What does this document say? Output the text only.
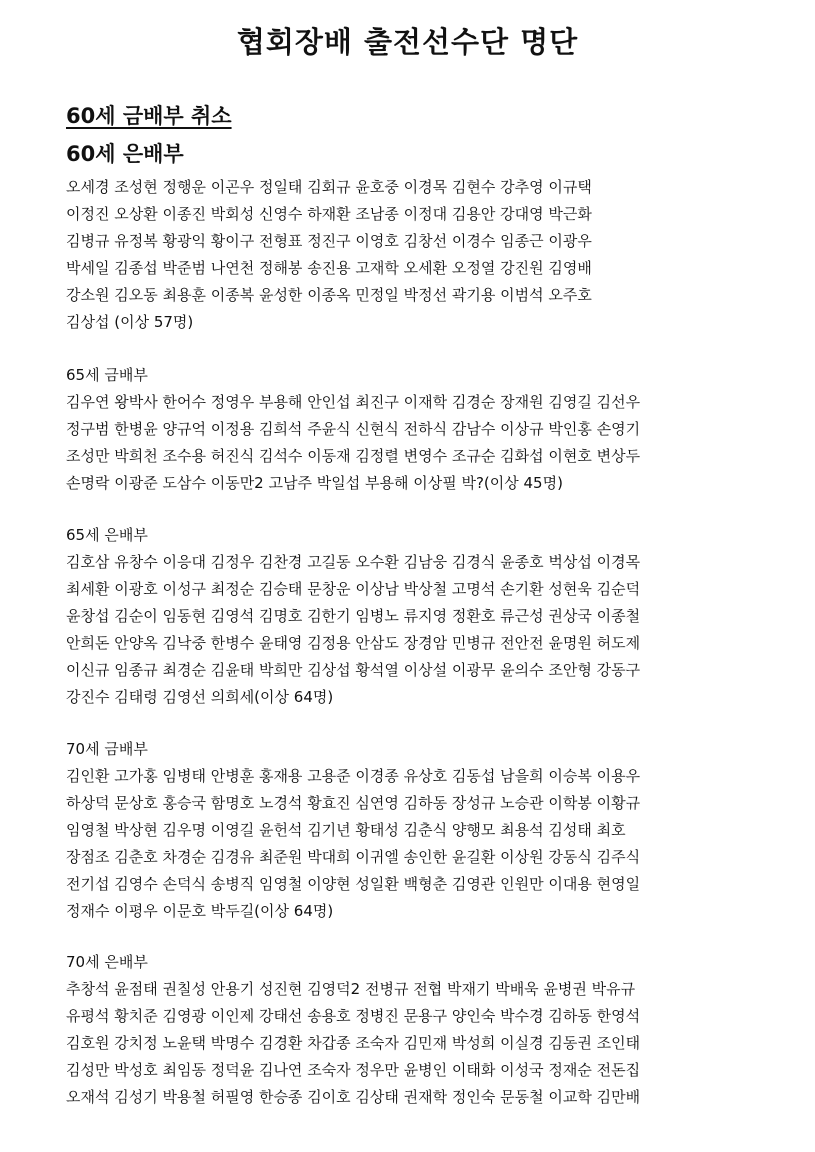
협회장배 출전선수단 명단
60세 금배부 취소
60세 은배부
오세경 조성현 정행운 이곤우 정일태 김회규 윤호중 이경목 김현수 강추영 이규택
이정진 오상환 이종진 박회성 신영수 하재환 조남종 이정대 김용안 강대영 박근화
김병규 유정복 황광익 황이구 전형표 정진구 이영호 김창선 이경수 임종근 이광우
박세일 김종섭 박준범 나연천 정해봉 송진용 고재학 오세환 오정열 강진원 김영배
강소원 김오동 최용훈 이종복 윤성한 이종옥 민정일 박정선 곽기용 이범석 오주호
김상섭 (이상 57명)
65세 금배부
김우연 왕박사 한어수 정영우 부용해 안인섭 최진구 이재학 김경순 장재원 김영길 김선우
정구범 한병윤 양규억 이정용 김희석 주윤식 신현식 전하식 감남수 이상규 박인홍 손영기
조성만 박희천 조수용 허진식 김석수 이동재 김정렬 변영수 조규순 김화섭 이현호 변상두
손명락 이광준 도삼수 이동만2 고남주 박일섭 부용해 이상필 박?(이상 45명)
65세 은배부
김호삼 유창수 이응대 김정우 김찬경 고길동 오수환 김남웅 김경식 윤종호 벅상섭 이경목
최세환 이광호 이성구 최정순 김승태 문창운 이상남 박상철 고명석 손기환 성현욱 김순덕
윤창섭 김순이 임동현 김영석 김명호 김한기 임병노 류지영 정환호 류근성 권상국 이종철
안희돈 안양옥 김낙중 한병수 윤태영 김정용 안삼도 장경암 민병규 전안전 윤명원 허도제
이신규 임종규 최경순 김윤태 박희만 김상섭 황석열 이상설 이광무 윤의수 조안형 강동구
강진수 김태령 김영선 의희세(이상 64명)
70세 금배부
김인환 고가홍 임병태 안병훈 홍재용 고용준 이경종 유상호 김동섭 남을희 이승복 이용우
하상덕 문상호 홍승국 함명호 노경석 황효진 심연영 김하동 장성규 노승관 이학봉 이황규
임영철 박상현 김우명 이영길 윤헌석 김기년 황태성 김춘식 양행모 최용석 김성태 최호
장점조 김춘호 차경순 김경유 최준원 박대희 이귀엘 송인한 윤길환 이상원 강동식 김주식
전기섭 김영수 손덕식 송병직 임영철 이양현 성일환 백형춘 김영관 인원만 이대용 현영일
정재수 이평우 이문호 박두길(이상 64명)
70세 은배부
추창석 윤점태 권칠성 안용기 성진현 김영덕2 전병규 전협 박재기 박배욱 윤병권 박유규
유평석 황치준 김영광 이인제 강태선 송용호 정병진 문용구 양인숙 박수경 김하동 한영석
김호원 강치정 노윤택 박명수 김경환 차갑종 조숙자 김민재 박성희 이실경 김동권 조인태
김성만 박성호 최임동 정덕윤 김나연 조숙자 정우만 윤병인 이태화 이성국 정재순 전돈집
오재석 김성기 박용철 허필영 한승종 김이호 김상태 권재학 정인숙 문동철 이교학 김만배
